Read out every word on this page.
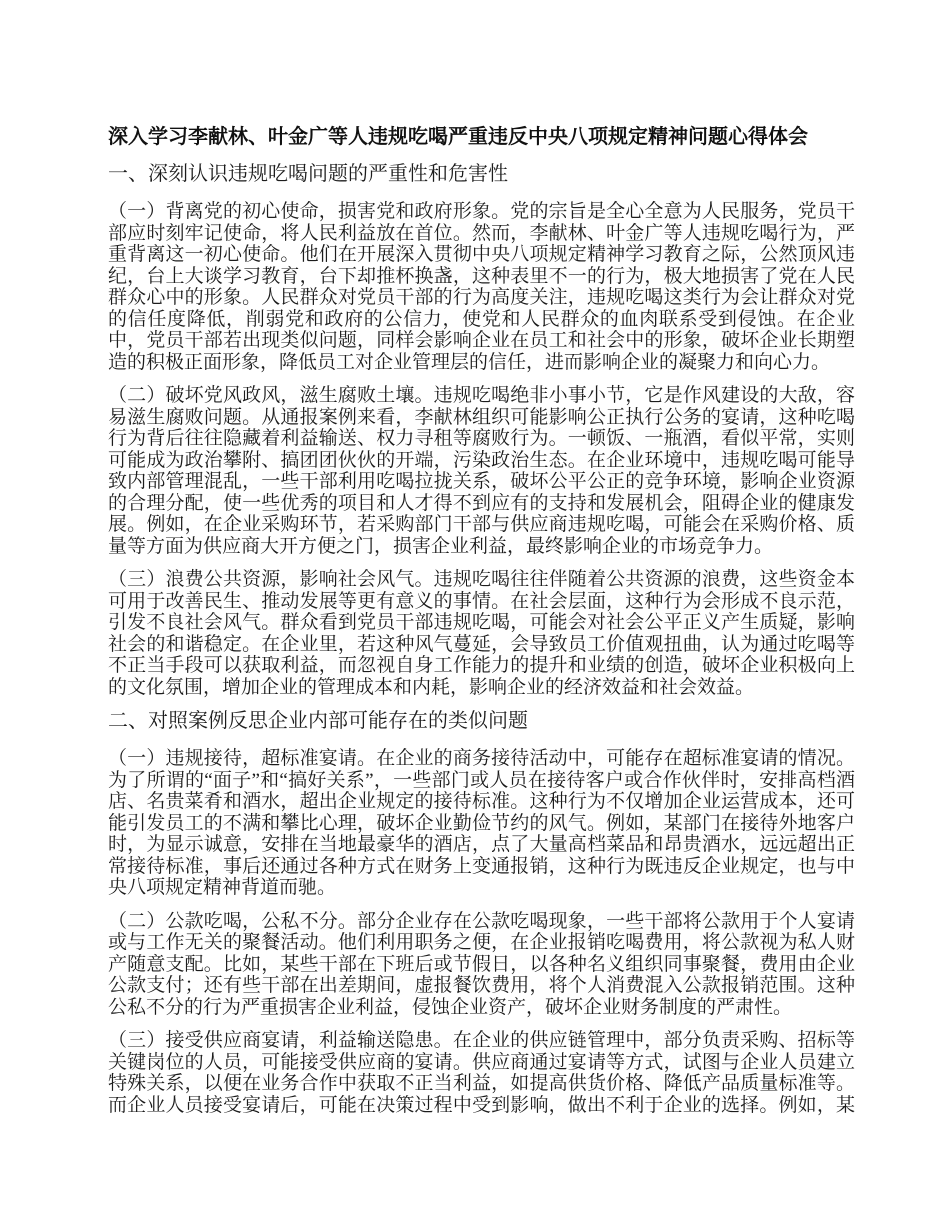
深入学习李献林、叶金广等人违规吃喝严重违反中央八项规定精神问题心得体会
一、深刻认识违规吃喝问题的严重性和危害性

（一）背离党的初心使命，损害党和政府形象。党的宗旨是全心全意为人民服务，党员干部应时刻牢记使命，将人民利益放在首位。然而，李献林、叶金广等人违规吃喝行为，严重背离这一初心使命。他们在开展深入贯彻中央八项规定精神学习教育之际，公然顶风违纪，台上大谈学习教育，台下却推杯换盏，这种表里不一的行为，极大地损害了党在人民群众心中的形象。人民群众对党员干部的行为高度关注，违规吃喝这类行为会让群众对党的信任度降低，削弱党和政府的公信力，使党和人民群众的血肉联系受到侵蚀。在企业中，党员干部若出现类似问题，同样会影响企业在员工和社会中的形象，破坏企业长期塑造的积极正面形象，降低员工对企业管理层的信任，进而影响企业的凝聚力和向心力。

（二）破坏党风政风，滋生腐败土壤。违规吃喝绝非小事小节，它是作风建设的大敌，容易滋生腐败问题。从通报案例来看，李献林组织可能影响公正执行公务的宴请，这种吃喝行为背后往往隐藏着利益输送、权力寻租等腐败行为。一顿饭、一瓶酒，看似平常，实则可能成为政治攀附、搞团团伙伙的开端，污染政治生态。在企业环境中，违规吃喝可能导致内部管理混乱，一些干部利用吃喝拉拢关系，破坏公平公正的竞争环境，影响企业资源的合理分配，使一些优秀的项目和人才得不到应有的支持和发展机会，阻碍企业的健康发展。例如，在企业采购环节，若采购部门干部与供应商违规吃喝，可能会在采购价格、质量等方面为供应商大开方便之门，损害企业利益，最终影响企业的市场竞争力。

（三）浪费公共资源，影响社会风气。违规吃喝往往伴随着公共资源的浪费，这些资金本可用于改善民生、推动发展等更有意义的事情。在社会层面，这种行为会形成不良示范，引发不良社会风气。群众看到党员干部违规吃喝，可能会对社会公平正义产生质疑，影响社会的和谐稳定。在企业里，若这种风气蔓延，会导致员工价值观扭曲，认为通过吃喝等不正当手段可以获取利益，而忽视自身工作能力的提升和业绩的创造，破坏企业积极向上的文化氛围，增加企业的管理成本和内耗，影响企业的经济效益和社会效益。

二、对照案例反思企业内部可能存在的类似问题

（一）违规接待，超标准宴请。在企业的商务接待活动中，可能存在超标准宴请的情况。为了所谓的“面子”和“搞好关系”，一些部门或人员在接待客户或合作伙伴时，安排高档酒店、名贵菜肴和酒水，超出企业规定的接待标准。这种行为不仅增加企业运营成本，还可能引发员工的不满和攀比心理，破坏企业勤俭节约的风气。例如，某部门在接待外地客户时，为显示诚意，安排在当地最豪华的酒店，点了大量高档菜品和昂贵酒水，远远超出正常接待标准，事后还通过各种方式在财务上变通报销，这种行为既违反企业规定，也与中央八项规定精神背道而驰。

（二）公款吃喝，公私不分。部分企业存在公款吃喝现象，一些干部将公款用于个人宴请或与工作无关的聚餐活动。他们利用职务之便，在企业报销吃喝费用，将公款视为私人财产随意支配。比如，某些干部在下班后或节假日，以各种名义组织同事聚餐，费用由企业公款支付；还有些干部在出差期间，虚报餐饮费用，将个人消费混入公款报销范围。这种公私不分的行为严重损害企业利益，侵蚀企业资产，破坏企业财务制度的严肃性。

（三）接受供应商宴请，利益输送隐患。在企业的供应链管理中，部分负责采购、招标等关键岗位的人员，可能接受供应商的宴请。供应商通过宴请等方式，试图与企业人员建立特殊关系，以便在业务合作中获取不正当利益，如提高供货价格、降低产品质量标准等。而企业人员接受宴请后，可能在决策过程中受到影响，做出不利于企业的选择。例如，某
